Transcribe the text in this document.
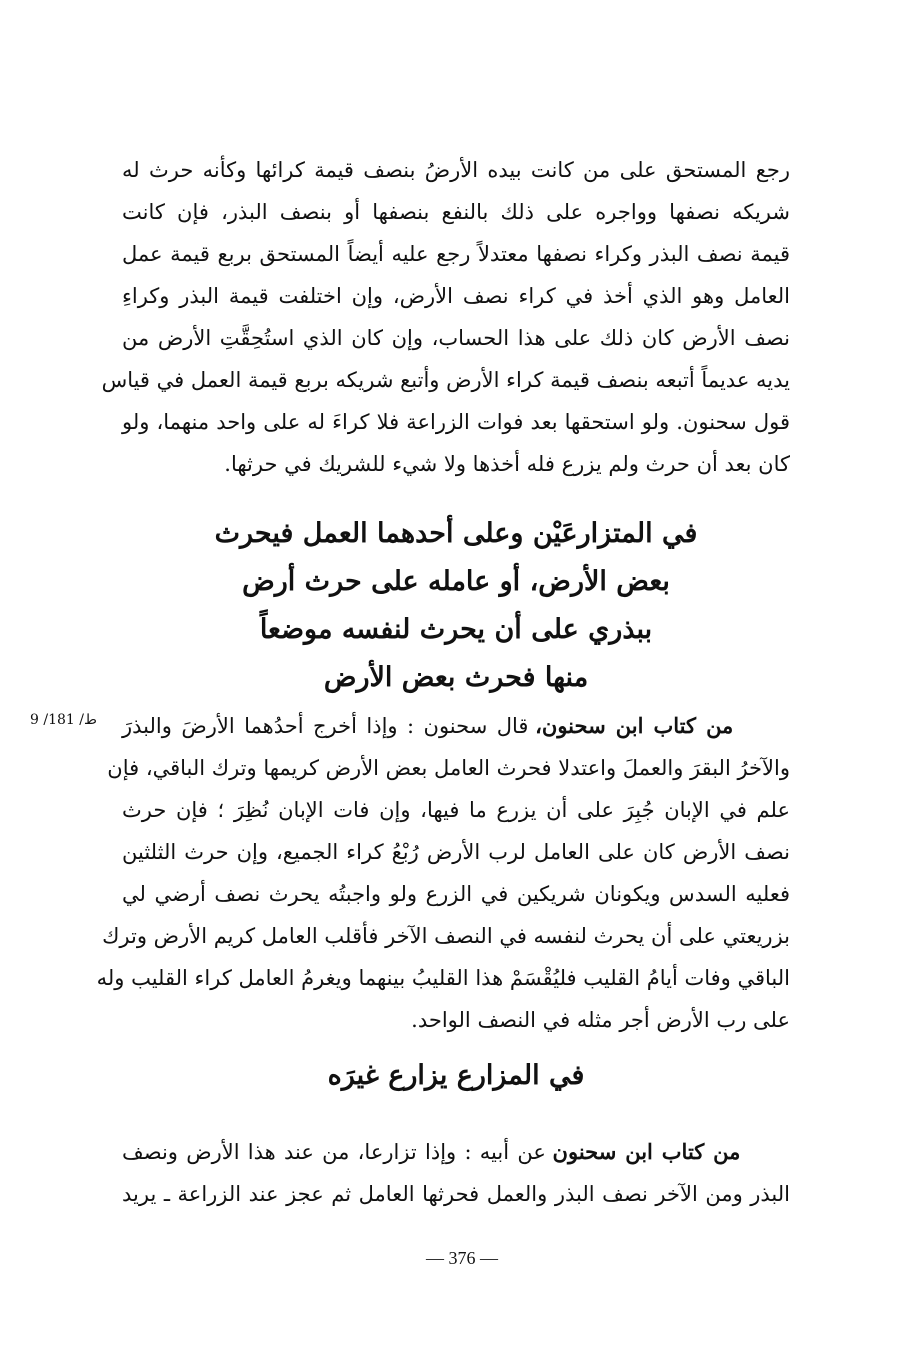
رجع المستحق على من كانت بيده الأرضُ بنصف قيمة كرائها وكأنه حرث له
شريكه نصفها وواجره على ذلك بالنفع بنصفها أو بنصف البذر، فإن كانت
قيمة نصف البذر وكراء نصفها معتدلاً رجع عليه أيضاً المستحق بربع قيمة عمل
العامل وهو الذي أخذ في كراء نصف الأرض، وإن اختلفت قيمة البذر وكراءِ
نصف الأرض كان ذلك على هذا الحساب، وإن كان الذي استُحِقَّتِ الأرض من
يديه عديماً أتبعه بنصف قيمة كراء الأرض وأتبع شريكه بربع قيمة العمل في قياس
قول سحنون. ولو استحقها بعد فوات الزراعة فلا كراءَ له على واحد منهما، ولو
كان بعد أن حرث ولم يزرع فله أخذها ولا شيء للشريك في حرثها.

في المتزارعَيْن وعلى أحدهما العمل فيحرث
بعض الأرض، أو عامله على حرث أرض
ببذري على أن يحرث لنفسه موضعاً
منها فحرث بعض الأرض
ط/ 181/ 9	من كتاب ابن سحنون، قال سحنون : وإذا أخرج أحدُهما الأرضَ والبذرَ
والآخرُ البقرَ والعملَ واعتدلا فحرث العامل بعض الأرض كريمها وترك الباقي، فإن
علم في الإبان جُبِرَ على أن يزرع ما فيها، وإن فات الإبان نُظِرَ ؛ فإن حرث
نصف الأرض كان على العامل لرب الأرض رُبْعُ كراء الجميع، وإن حرث الثلثين
فعليه السدس ويكونان شريكين في الزرع ولو واجبتُه يحرث نصف أرضي لي
بزريعتي على أن يحرث لنفسه في النصف الآخر فأقلب العامل كريم الأرض وترك
الباقي وفات أيامُ القليب فليُقْسَمْ هذا القليبُ بينهما ويغرمُ العامل كراء القليب وله
على رب الأرض أجر مثله في النصف الواحد.

في المزارع يزارع غيرَه

من كتاب ابن سحنون عن أبيه : وإذا تزارعا، من عند هذا الأرض ونصف
البذر ومن الآخر نصف البذر والعمل فحرثها العامل ثم عجز عند الزراعة ـ يريد

— 376 —
